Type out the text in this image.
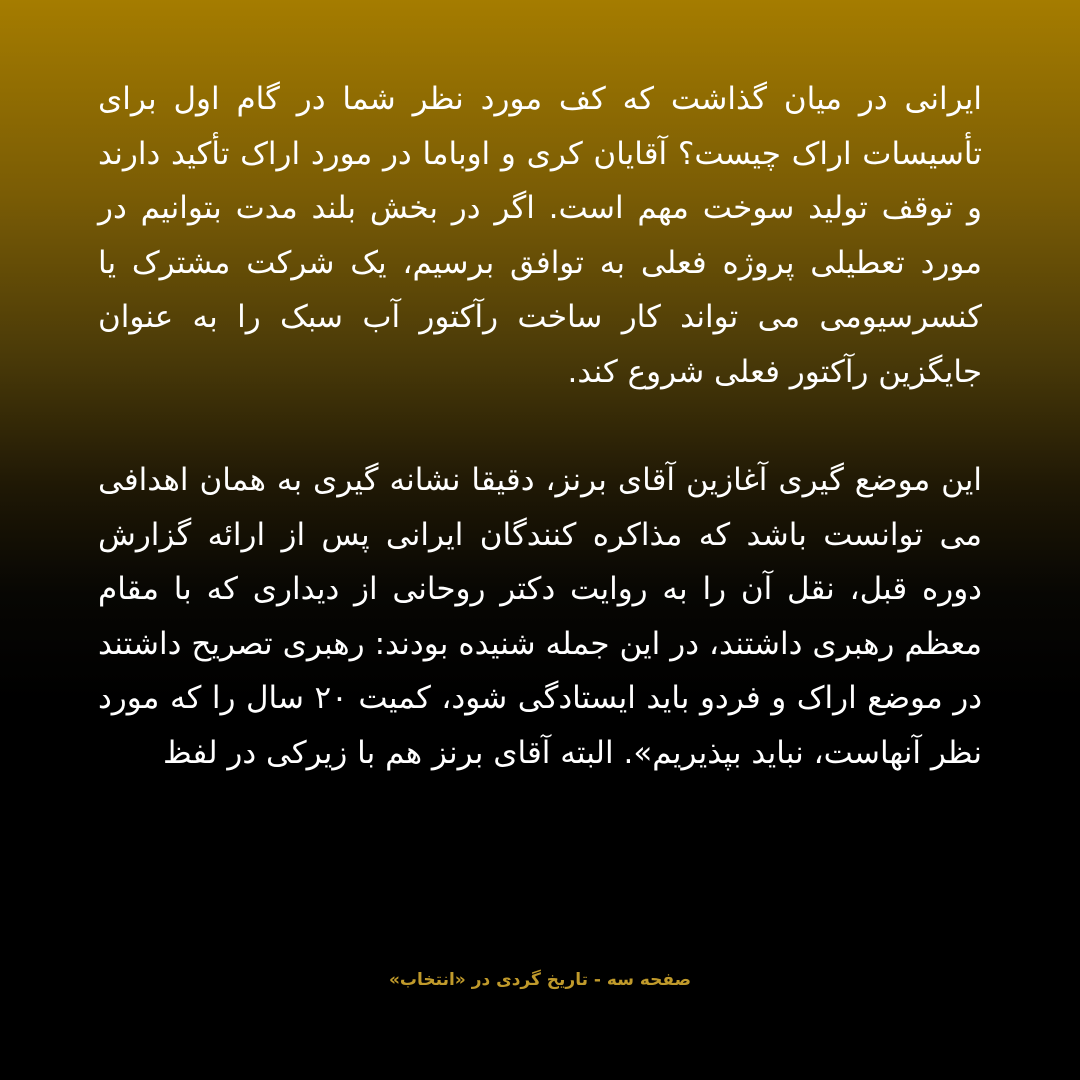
ایرانی در میان گذاشت که کف مورد نظر شما در گام اول برای تأسیسات اراک چیست؟ آقایان کری و اوباما در مورد اراک تأکید دارند و توقف تولید سوخت مهم است. اگر در بخش بلند مدت بتوانیم در مورد تعطیلی پروژه فعلی به توافق برسیم، یک شرکت مشترک یا کنسرسیومی می تواند کار ساخت رآکتور آب سبک را به عنوان جایگزین رآکتور فعلی شروع کند.

این موضع گیری آغازین آقای برنز، دقیقا نشانه گیری به همان اهدافی می توانست باشد که مذاکره کنندگان ایرانی پس از ارائه گزارش دوره قبل، نقل آن را به روایت دکتر روحانی از دیداری که با مقام معظم رهبری داشتند، در این جمله شنیده بودند: رهبری تصریح داشتند در موضع اراک و فردو باید ایستادگی شود، کمیت ۲۰ سال را که مورد نظر آنهاست، نباید بپذیریم». البته آقای برنز هم با زیرکی در لفظ

صفحه سه - تاریخ گردی در «انتخاب»
